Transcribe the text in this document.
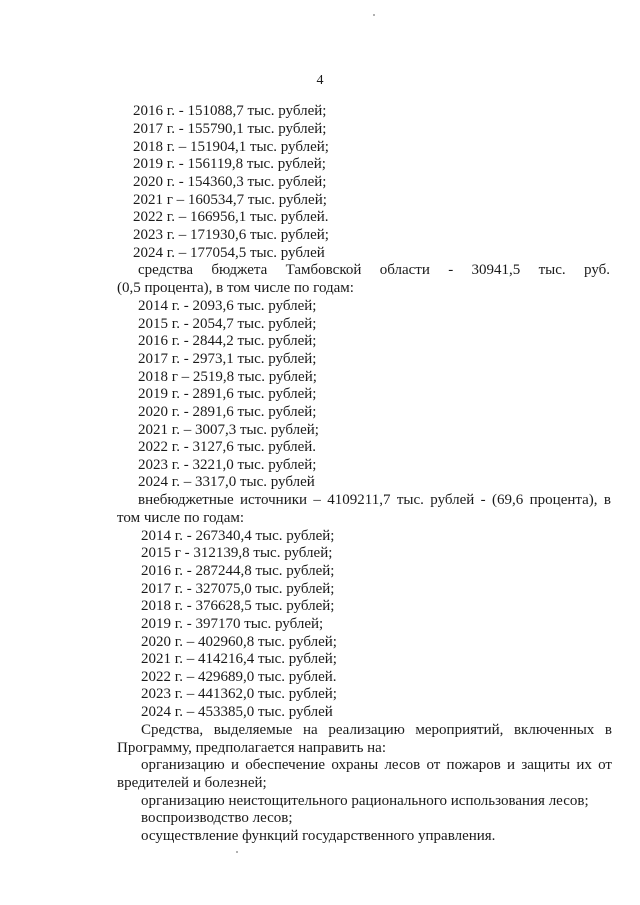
4
2016 г. - 151088,7 тыс. рублей;
2017 г. - 155790,1 тыс. рублей;
2018 г. – 151904,1 тыс. рублей;
2019 г. - 156119,8 тыс. рублей;
2020 г. - 154360,3 тыс. рублей;
2021 г – 160534,7 тыс. рублей;
2022 г. – 166956,1 тыс. рублей.
2023 г. – 171930,6 тыс. рублей;
2024 г. – 177054,5 тыс. рублей
средства бюджета Тамбовской области - 30941,5 тыс. руб.
(0,5 процента), в том числе по годам:
2014 г. - 2093,6 тыс. рублей;
2015 г. - 2054,7 тыс. рублей;
2016 г. - 2844,2 тыс. рублей;
2017 г. - 2973,1 тыс. рублей;
2018 г – 2519,8 тыс. рублей;
2019 г. - 2891,6 тыс. рублей;
2020 г. - 2891,6 тыс. рублей;
2021 г. – 3007,3 тыс. рублей;
2022 г. - 3127,6 тыс. рублей.
2023 г. - 3221,0 тыс. рублей;
2024 г. – 3317,0 тыс. рублей
внебюджетные источники – 4109211,7 тыс. рублей - (69,6 процента), в
том числе по годам:
2014 г. - 267340,4 тыс. рублей;
2015 г - 312139,8 тыс. рублей;
2016 г. - 287244,8 тыс. рублей;
2017 г. - 327075,0 тыс. рублей;
2018 г. - 376628,5 тыс. рублей;
2019 г. - 397170 тыс. рублей;
2020 г. – 402960,8 тыс. рублей;
2021 г. – 414216,4 тыс. рублей;
2022 г. – 429689,0 тыс. рублей.
2023 г. – 441362,0 тыс. рублей;
2024 г. – 453385,0 тыс. рублей
Средства, выделяемые на реализацию мероприятий, включенных в
Программу, предполагается направить на:
организацию и обеспечение охраны лесов от пожаров и защиты их от
вредителей и болезней;
организацию неистощительного рационального использования лесов;
воспроизводство лесов;
осуществление функций государственного управления.
